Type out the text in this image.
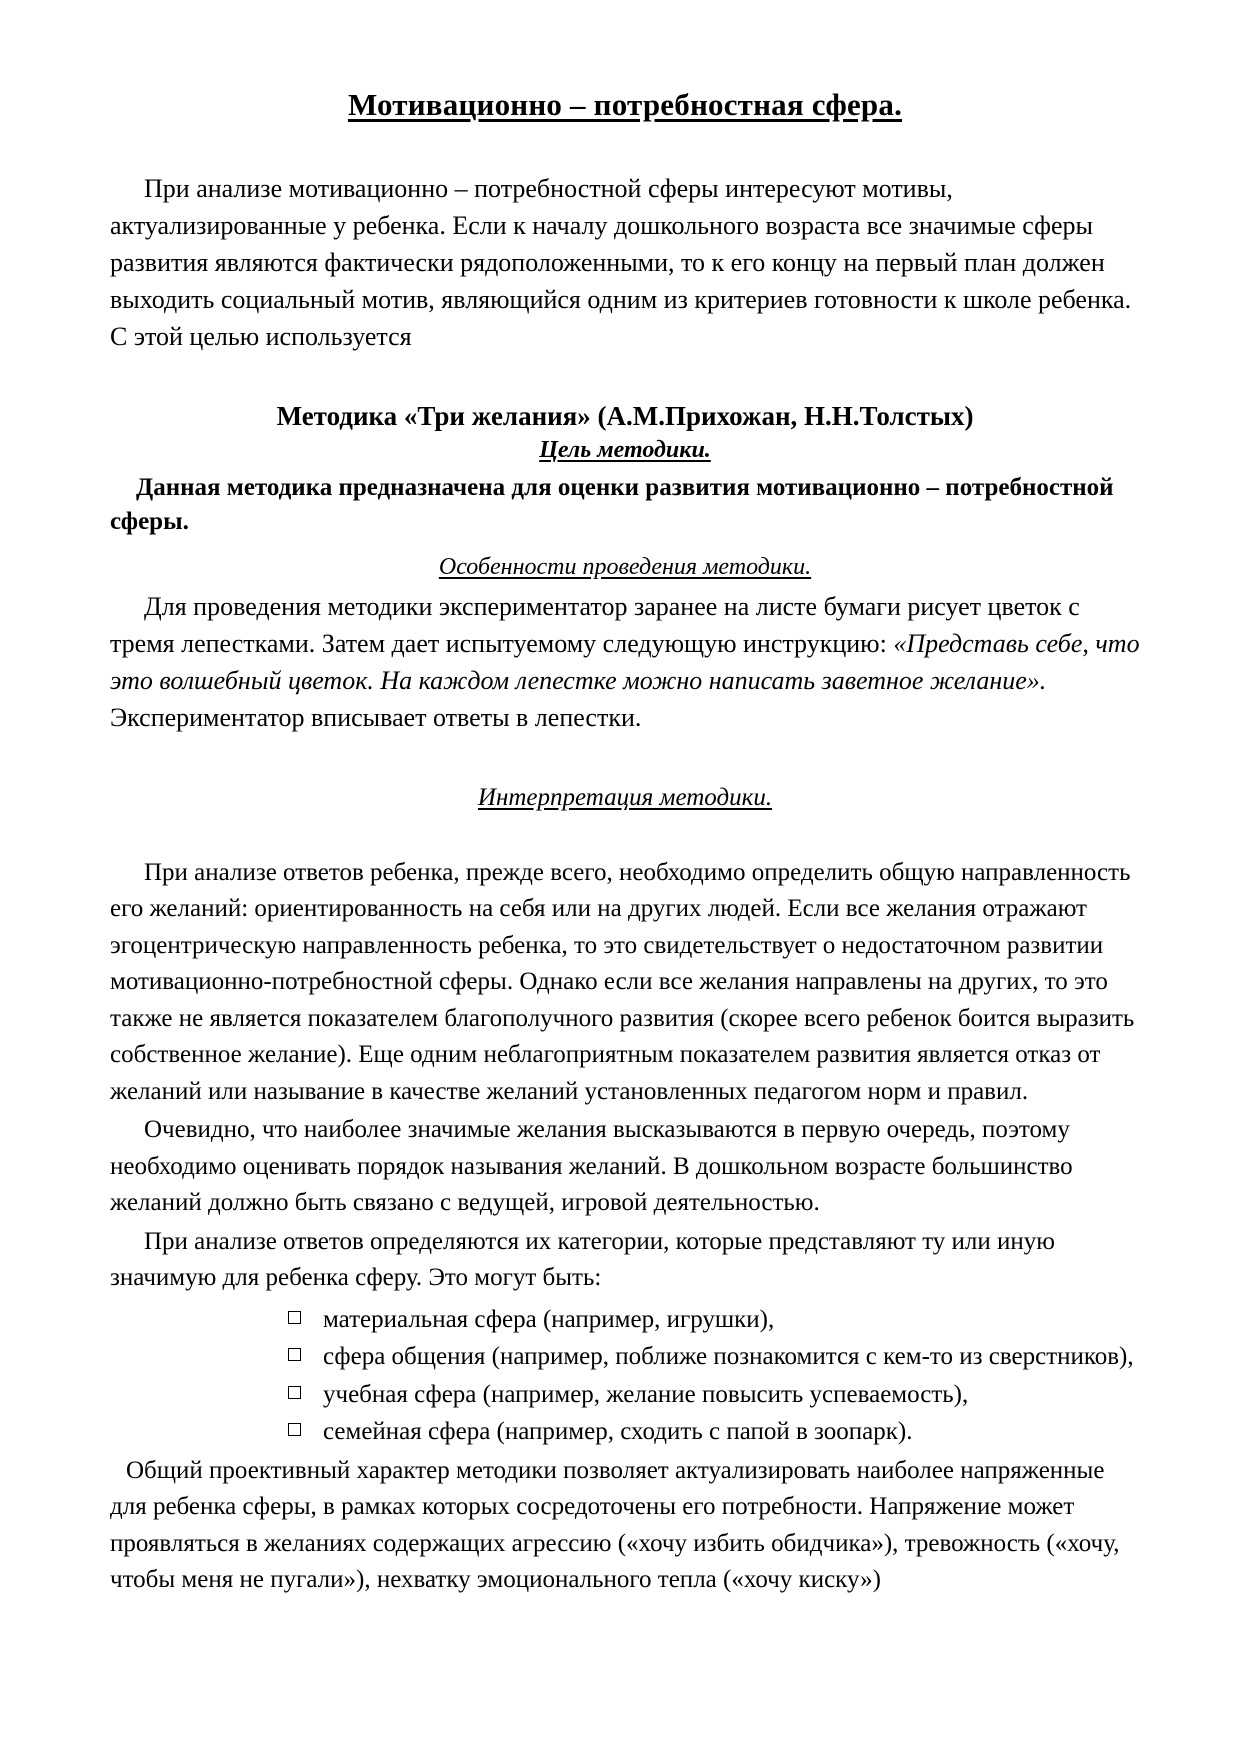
Мотивационно – потребностная сфера.

При анализе мотивационно – потребностной сферы интересуют мотивы, актуализированные у ребенка. Если к началу дошкольного возраста все значимые сферы развития являются фактически рядоположенными, то к его концу на первый план должен выходить социальный мотив, являющийся одним из критериев готовности к школе ребенка. С этой целью используется

Методика «Три желания» (А.М.Прихожан, Н.Н.Толстых)
Цель методики.

Данная методика предназначена для оценки развития мотивационно – потребностной сферы.

Особенности проведения методики.

Для проведения методики экспериментатор заранее на листе бумаги рисует цветок с тремя лепестками. Затем дает испытуемому следующую инструкцию: «Представь себе, что это волшебный цветок. На каждом лепестке можно написать заветное желание». Экспериментатор вписывает ответы в лепестки.

Интерпретация методики.

При анализе ответов ребенка, прежде всего, необходимо определить общую направленность его желаний: ориентированность на себя или на других людей. Если все желания отражают эгоцентрическую направленность ребенка, то это свидетельствует о недостаточном развитии мотивационно-потребностной сферы. Однако если все желания направлены на других, то это также не является показателем благополучного развития (скорее всего ребенок боится выразить собственное желание). Еще одним неблагоприятным показателем развития является отказ от желаний или называние в качестве желаний установленных педагогом норм и правил.

Очевидно, что наиболее значимые желания высказываются в первую очередь, поэтому необходимо оценивать порядок называния желаний. В дошкольном возрасте большинство желаний должно быть связано с ведущей, игровой деятельностью.

При анализе ответов определяются их категории, которые представляют ту или иную значимую для ребенка сферу. Это могут быть:

материальная сфера (например, игрушки),
сфера общения (например, поближе познакомится с кем-то из сверстников),
учебная сфера (например, желание повысить успеваемость),
семейная сфера (например, сходить с папой в зоопарк).

Общий проективный характер методики позволяет актуализировать наиболее напряженные для ребенка сферы, в рамках которых сосредоточены его потребности. Напряжение может проявляться в желаниях содержащих агрессию («хочу избить обидчика»), тревожность («хочу, чтобы меня не пугали»), нехватку эмоционального тепла («хочу киску»)
